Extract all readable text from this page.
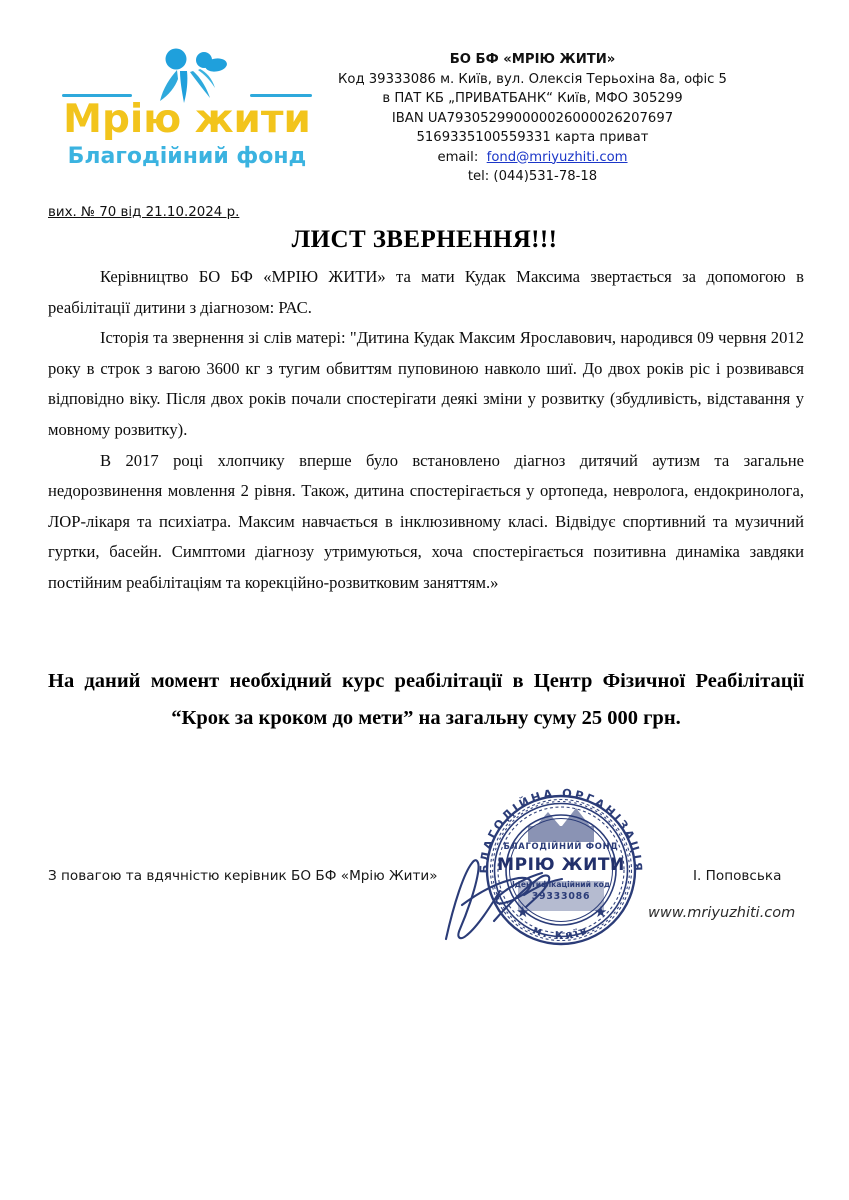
Мрію жити
Благодійний фонд
БО БФ «МРІЮ ЖИТИ»
Код 39333086 м. Київ, вул. Олексія Терьохіна 8а, офіс 5
в ПАТ КБ „ПРИВАТБАНК“ Київ, МФО 305299
IBAN UA793052990000026000026207697
5169335100559331 карта приват
email: fond@mriyuzhiti.com
tel: (044)531-78-18
вих. № 70 від 21.10.2024 р.
ЛИСТ ЗВЕРНЕННЯ!!!

Керівництво БО БФ «МРІЮ ЖИТИ» та мати Кудак Максима звертається за допомогою в реабілітації дитини з діагнозом: РАС.

Історія та звернення зі слів матері: "Дитина Кудак Максим Ярославович, народився 09 червня 2012 року в строк з вагою 3600 кг з тугим обвиттям пуповиною навколо шиї. До двох років ріс і розвивався відповідно віку. Після двох років почали спостерігати деякі зміни у розвитку (збудливість, відставання у мовному розвитку).

В 2017 році хлопчику вперше було встановлено діагноз дитячий аутизм та загальне недорозвинення мовлення 2 рівня. Також, дитина спостерігається у ортопеда, невролога, ендокринолога, ЛОР-лікаря та психіатра. Максим навчається в інклюзивному класі. Відвідує спортивний та музичний гуртки, басейн. Симптоми діагнозу утримуються, хоча спостерігається позитивна динаміка завдяки постійним реабілітаціям та корекційно-розвитковим заняттям.»

На даний момент необхідний курс реабілітації в Центр Фізичної Реабілітації “Крок за кроком до мети” на загальну суму 25 000 грн.

БЛАГОДІЙНА ОРГАНІЗАЦІЯ
м. Київ
★	★
БЛАГОДІЙНИЙ ФОНД
МРІЮ ЖИТИ
Ідентифікаційний код
39333086
З повагою та вдячністю керівник БО БФ «Мрію Жити»	І. Поповська
www.mriyuzhiti.com
